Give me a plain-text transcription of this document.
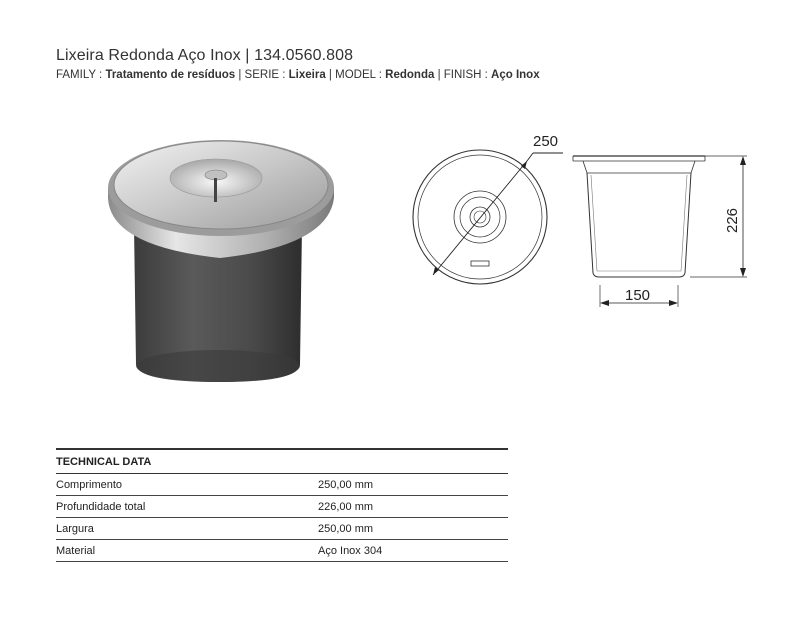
Lixeira Redonda Aço Inox | 134.0560.808
FAMILY : Tratamento de resíduos | SERIE : Lixeira | MODEL : Redonda | FINISH : Aço Inox
250
226
150
TECHNICAL DATA
Comprimento	250,00 mm
Profundidade total	226,00 mm
Largura	250,00 mm
Material	Aço Inox 304
